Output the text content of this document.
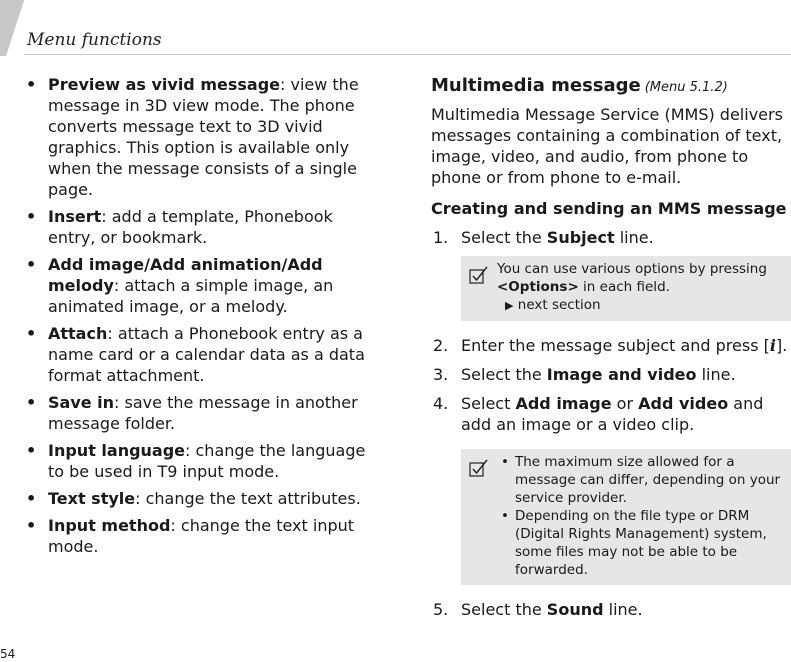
Menu functions
• Preview as vivid message: view the message in 3D view mode. The phone converts message text to 3D vivid graphics. This option is available only when the message consists of a single page.
• Insert: add a template, Phonebook entry, or bookmark.
• Add image/Add animation/Add melody: attach a simple image, an animated image, or a melody.
• Attach: attach a Phonebook entry as a name card or a calendar data as a data format attachment.
• Save in: save the message in another message folder.
• Input language: change the language to be used in T9 input mode.
• Text style: change the text attributes.
• Input method: change the text input mode.
Multimedia message (Menu 5.1.2)
Multimedia Message Service (MMS) delivers messages containing a combination of text, image, video, and audio, from phone to phone or from phone to e-mail.
Creating and sending an MMS message
1. Select the Subject line.
You can use various options by pressing <Options> in each field.
▶ next section
2. Enter the message subject and press [i].
3. Select the Image and video line.
4. Select Add image or Add video and add an image or a video clip.
• The maximum size allowed for a message can differ, depending on your service provider.
• Depending on the file type or DRM (Digital Rights Management) system, some files may not be able to be forwarded.
5. Select the Sound line.
54
